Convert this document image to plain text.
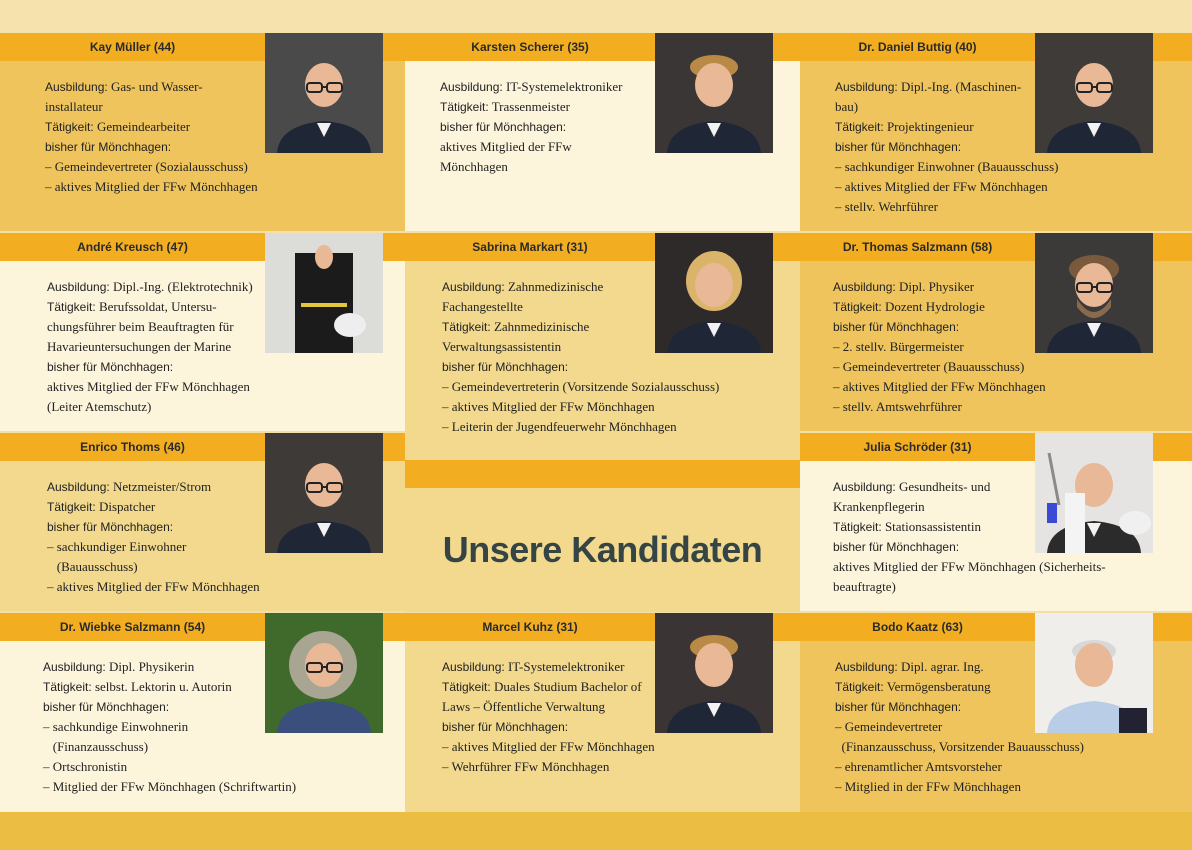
Unsere Kandidaten
Kay Müller (44)
Ausbildung: Gas- und Wasser-
installateur
Tätigkeit: Gemeindearbeiter
bisher für Mönchhagen:
– Gemeindevertreter (Sozialausschuss)
– aktives Mitglied der FFw Mönchhagen
Karsten Scherer (35)
Ausbildung: IT-Systemelektroniker
Tätigkeit: Trassenmeister
bisher für Mönchhagen:
aktives Mitglied der FFw
Mönchhagen
Dr. Daniel Buttig (40)
Ausbildung: Dipl.-Ing. (Maschinen-
bau)
Tätigkeit: Projektingenieur
bisher für Mönchhagen:
– sachkundiger Einwohner (Bauausschuss)
– aktives Mitglied der FFw Mönchhagen
– stellv. Wehrführer
André Kreusch (47)
Ausbildung: Dipl.-Ing. (Elektrotechnik)
Tätigkeit: Berufssoldat, Untersu-
chungsführer beim Beauftragten für
Havarieuntersuchungen der Marine
bisher für Mönchhagen:
aktives Mitglied der FFw Mönchhagen
(Leiter Atemschutz)
Sabrina Markart (31)
Ausbildung: Zahnmedizinische
Fachangestellte
Tätigkeit: Zahnmedizinische
Verwaltungsassistentin
bisher für Mönchhagen:
– Gemeindevertreterin (Vorsitzende Sozialausschuss)
– aktives Mitglied der FFw Mönchhagen
– Leiterin der Jugendfeuerwehr Mönchhagen
Dr. Thomas Salzmann (58)
Ausbildung: Dipl. Physiker
Tätigkeit: Dozent Hydrologie
bisher für Mönchhagen:
– 2. stellv. Bürgermeister
– Gemeindevertreter (Bauausschuss)
– aktives Mitglied der FFw Mönchhagen
– stellv. Amtswehrführer
Enrico Thoms (46)
Ausbildung: Netzmeister/Strom
Tätigkeit: Dispatcher
bisher für Mönchhagen:
– sachkundiger Einwohner
(Bauausschuss)
– aktives Mitglied der FFw Mönchhagen
Julia Schröder (31)
Ausbildung: Gesundheits- und
Krankenpflegerin
Tätigkeit: Stationsassistentin
bisher für Mönchhagen:
aktives Mitglied der FFw Mönchhagen (Sicherheits-
beauftragte)
Dr. Wiebke Salzmann (54)
Ausbildung: Dipl. Physikerin
Tätigkeit: selbst. Lektorin u. Autorin
bisher für Mönchhagen:
– sachkundige Einwohnerin
(Finanzausschuss)
– Ortschronistin
– Mitglied der FFw Mönchhagen (Schriftwartin)
Marcel Kuhz (31)
Ausbildung: IT-Systemelektroniker
Tätigkeit: Duales Studium Bachelor of
Laws – Öffentliche Verwaltung
bisher für Mönchhagen:
– aktives Mitglied der FFw Mönchhagen
– Wehrführer FFw Mönchhagen
Bodo Kaatz (63)
Ausbildung: Dipl. agrar. Ing.
Tätigkeit: Vermögensberatung
bisher für Mönchhagen:
– Gemeindevertreter
(Finanzausschuss, Vorsitzender Bauausschuss)
– ehrenamtlicher Amtsvorsteher
– Mitglied in der FFw Mönchhagen
